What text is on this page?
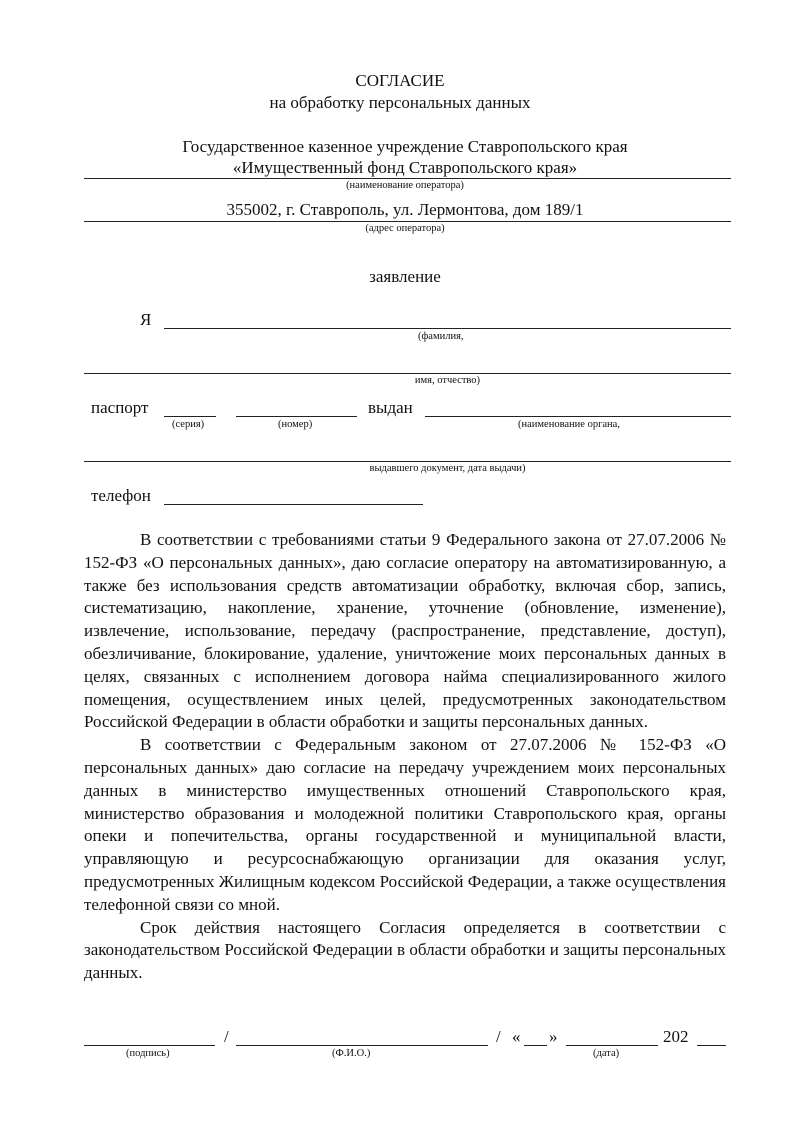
СОГЛАСИЕ
на обработку персональных данных
Государственное казенное учреждение Ставропольского края
«Имущественный фонд Ставропольского края»
(наименование оператора)
355002, г. Ставрополь, ул. Лермонтова, дом 189/1
(адрес оператора)
заявление
Я
(фамилия,
имя, отчество)
паспорт
(серия)	(номер)
выдан
(наименование органа,
выдавшего документ, дата выдачи)
телефон

В соответствии с требованиями статьи 9 Федерального закона от 27.07.2006 № 152-ФЗ «О персональных данных», даю согласие оператору на автоматизированную, а также без использования средств автоматизации обработку, включая сбор, запись, систематизацию, накопление, хранение, уточнение (обновление, изменение), извлечение, использование, передачу (распространение, представление, доступ), обезличивание, блокирование, удаление, уничтожение моих персональных данных в целях, связанных с исполнением договора найма специализированного жилого помещения, осуществлением иных целей, предусмотренных законодательством Российской Федерации в области обработки и защиты персональных данных.

В соответствии с Федеральным законом от 27.07.2006 № 152-ФЗ «О персональных данных» даю согласие на передачу учреждением моих персональных данных в министерство имущественных отношений Ставропольского края, министерство образования и молодежной политики Ставропольского края, органы опеки и попечительства, органы государственной и муниципальной власти, управляющую и ресурсоснабжающую организации для оказания услуг, предусмотренных Жилищным кодексом Российской Федерации, а также осуществления телефонной связи со мной.

Срок действия настоящего Согласия определяется в соответствии с законодательством Российской Федерации в области обработки и защиты персональных данных.

/	/ « »	202
(подпись)	(Ф.И.О.)	(дата)
